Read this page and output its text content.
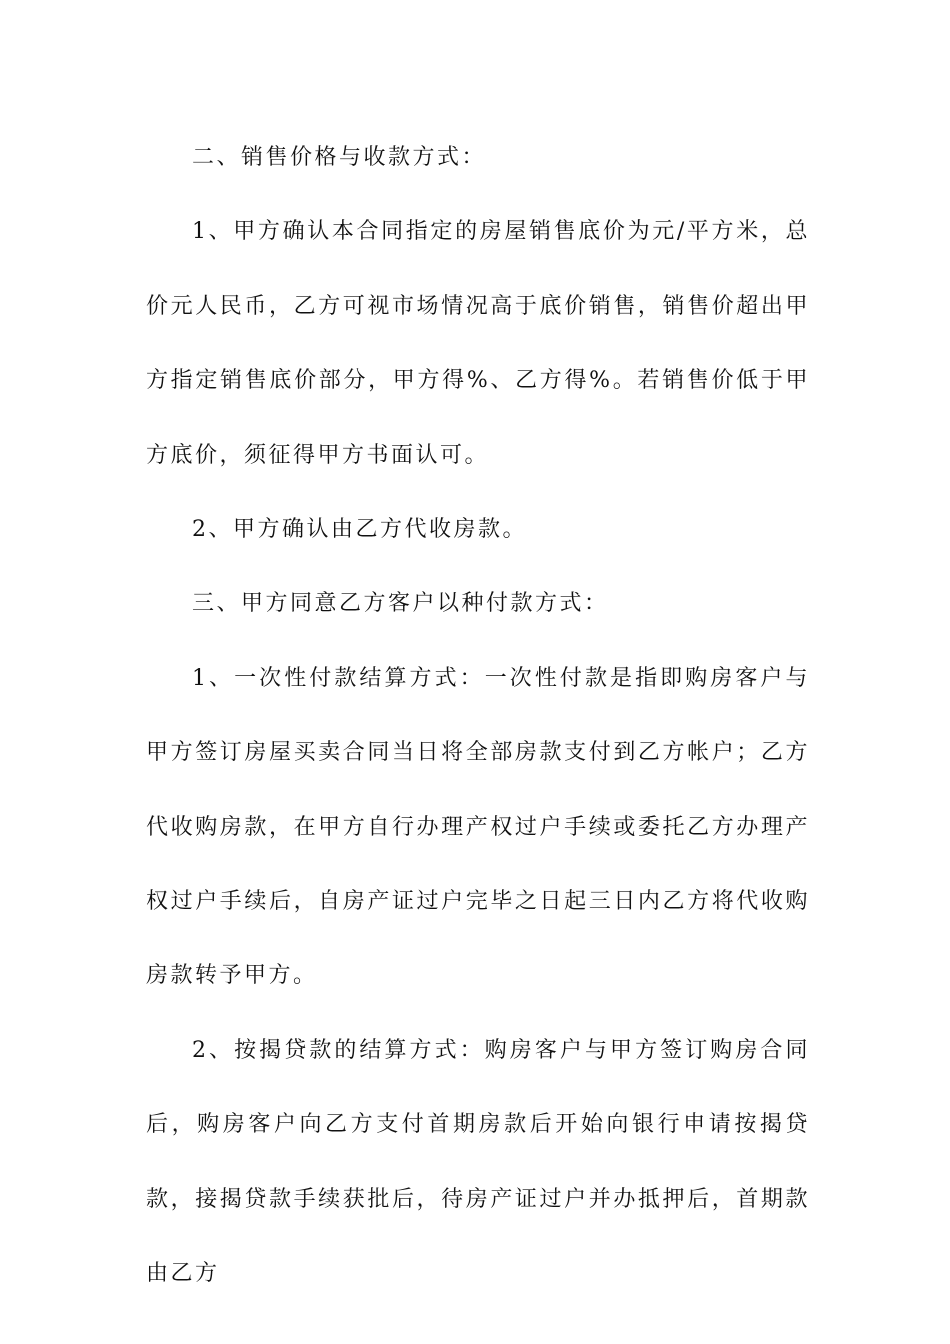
二、销售价格与收款方式：

1、甲方确认本合同指定的房屋销售底价为元/平方米，总价元人民币，乙方可视市场情况高于底价销售，销售价超出甲方指定销售底价部分，甲方得%、乙方得%。若销售价低于甲方底价，须征得甲方书面认可。

2、甲方确认由乙方代收房款。

三、甲方同意乙方客户以种付款方式：

1、一次性付款结算方式：一次性付款是指即购房客户与甲方签订房屋买卖合同当日将全部房款支付到乙方帐户；乙方代收购房款，在甲方自行办理产权过户手续或委托乙方办理产权过户手续后，自房产证过户完毕之日起三日内乙方将代收购房款转予甲方。

2、按揭贷款的结算方式：购房客户与甲方签订购房合同后，购房客户向乙方支付首期房款后开始向银行申请按揭贷款，接揭贷款手续获批后，待房产证过户并办抵押后，首期款由乙方
